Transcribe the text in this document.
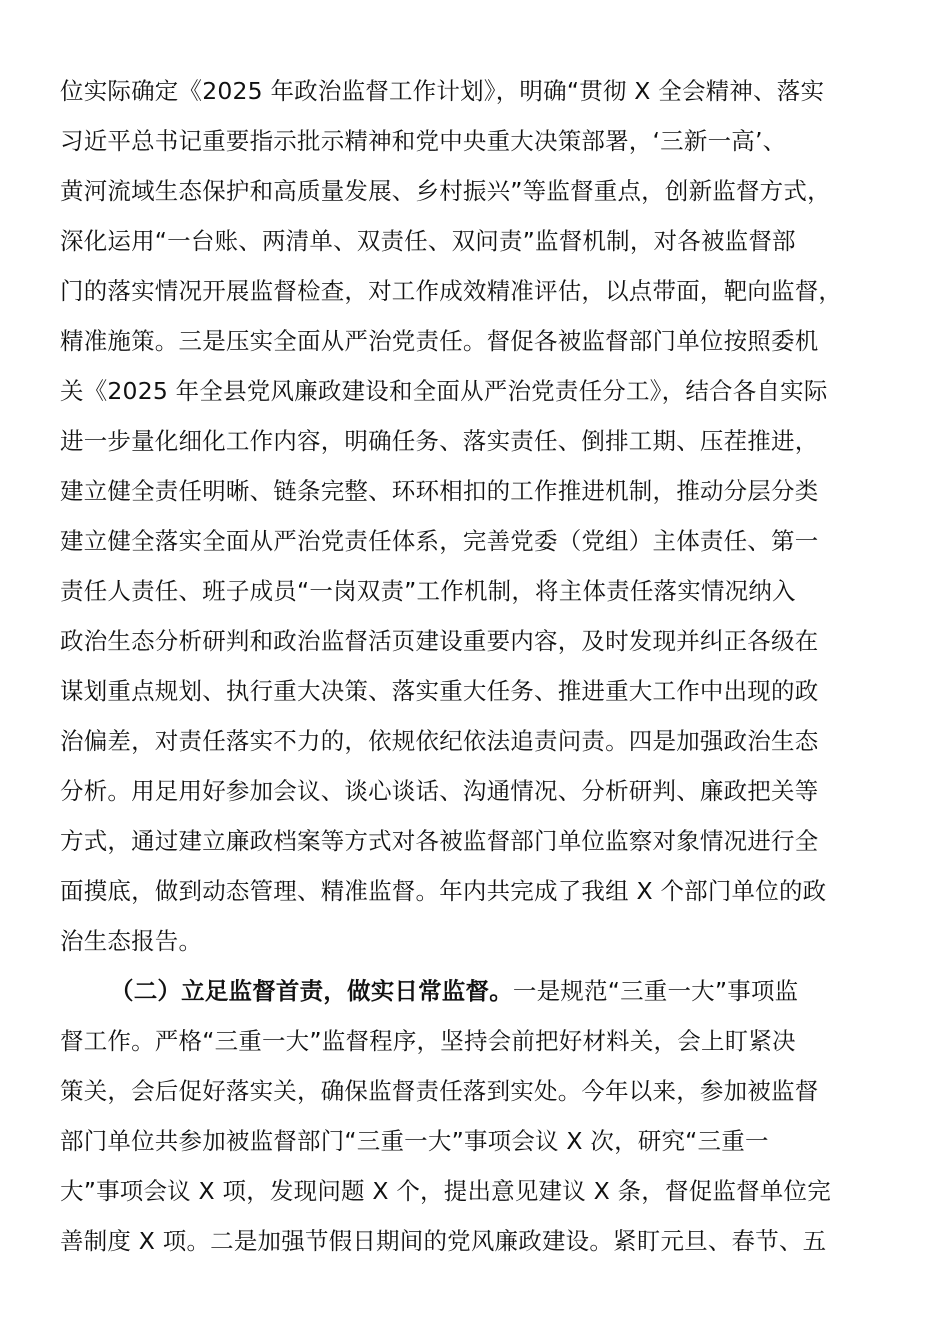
位实际确定《2025 年政治监督工作计划》，明确“贯彻 X 全会精神、落实
习近平总书记重要指示批示精神和党中央重大决策部署，‘三新一高’、
黄河流域生态保护和高质量发展、乡村振兴”等监督重点，创新监督方式，
深化运用“一台账、两清单、双责任、双问责”监督机制，对各被监督部
门的落实情况开展监督检查，对工作成效精准评估，以点带面，靶向监督，
精准施策。三是压实全面从严治党责任。督促各被监督部门单位按照委机
关《2025 年全县党风廉政建设和全面从严治党责任分工》，结合各自实际
进一步量化细化工作内容，明确任务、落实责任、倒排工期、压茬推进，
建立健全责任明晰、链条完整、环环相扣的工作推进机制，推动分层分类
建立健全落实全面从严治党责任体系，完善党委（党组）主体责任、第一
责任人责任、班子成员“一岗双责”工作机制，将主体责任落实情况纳入
政治生态分析研判和政治监督活页建设重要内容，及时发现并纠正各级在
谋划重点规划、执行重大决策、落实重大任务、推进重大工作中出现的政
治偏差，对责任落实不力的，依规依纪依法追责问责。四是加强政治生态
分析。用足用好参加会议、谈心谈话、沟通情况、分析研判、廉政把关等
方式，通过建立廉政档案等方式对各被监督部门单位监察对象情况进行全
面摸底，做到动态管理、精准监督。年内共完成了我组 X 个部门单位的政
治生态报告。
（二）立足监督首责，做实日常监督。一是规范“三重一大”事项监
督工作。严格“三重一大”监督程序，坚持会前把好材料关，会上盯紧决
策关，会后促好落实关，确保监督责任落到实处。今年以来，参加被监督
部门单位共参加被监督部门“三重一大”事项会议 X 次，研究“三重一
大”事项会议 X 项，发现问题 X 个，提出意见建议 X 条，督促监督单位完
善制度 X 项。二是加强节假日期间的党风廉政建设。紧盯元旦、春节、五
